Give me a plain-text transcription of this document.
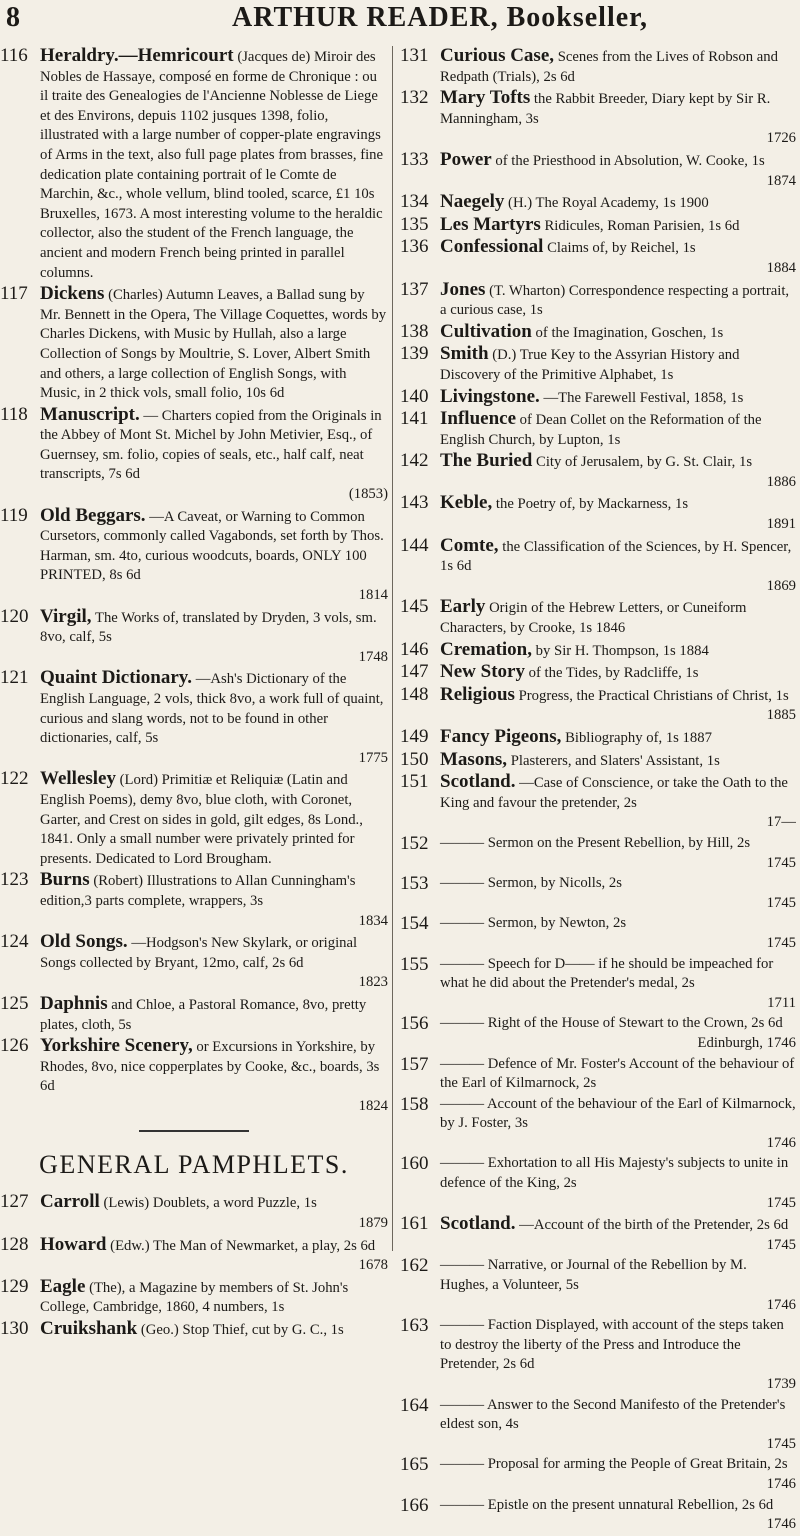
8	ARTHUR READER, Bookseller,
116 Heraldry.—Hemricourt (Jacques de) Miroir des Nobles de Hassaye, composé en forme de Chronique : ou il traite des Genealogies de l'Ancienne Noblesse de Liege et des Environs, depuis 1102 jusques 1398, folio, illustrated with a large number of copper-plate engravings of Arms in the text, also full page plates from brasses, fine dedication plate containing portrait of le Comte de Marchin, &c., whole vellum, blind tooled, scarce, £1 10s Bruxelles, 1673. A most interesting volume to the heraldic collector, also the student of the French language, the ancient and modern French being printed in parallel columns.
117 Dickens (Charles) Autumn Leaves, a Ballad sung by Mr. Bennett in the Opera, The Village Coquettes, words by Charles Dickens, with Music by Hullah, also a large Collection of Songs by Moultrie, S. Lover, Albert Smith and others, a large collection of English Songs, with Music, in 2 thick vols, small folio, 10s 6d
118 Manuscript. — Charters copied from the Originals in the Abbey of Mont St. Michel by John Metivier, Esq., of Guernsey, sm. folio, copies of seals, etc., half calf, neat transcripts, 7s 6d
(1853)
119 Old Beggars. —A Caveat, or Warning to Common Cursetors, commonly called Vagabonds, set forth by Thos. Harman, sm. 4to, curious woodcuts, boards, ONLY 100 PRINTED, 8s 6d
1814
120 Virgil, The Works of, translated by Dryden, 3 vols, sm. 8vo, calf, 5s
1748
121 Quaint Dictionary. —Ash's Dictionary of the English Language, 2 vols, thick 8vo, a work full of quaint, curious and slang words, not to be found in other dictionaries, calf, 5s
1775
122 Wellesley (Lord) Primitiæ et Reliquiæ (Latin and English Poems), demy 8vo, blue cloth, with Coronet, Garter, and Crest on sides in gold, gilt edges, 8s Lond., 1841. Only a small number were privately printed for presents. Dedicated to Lord Brougham.
123 Burns (Robert) Illustrations to Allan Cunningham's edition,3 parts complete, wrappers, 3s
1834
124 Old Songs. —Hodgson's New Skylark, or original Songs collected by Bryant, 12mo, calf, 2s 6d
1823
125 Daphnis and Chloe, a Pastoral Romance, 8vo, pretty plates, cloth, 5s
126 Yorkshire Scenery, or Excursions in Yorkshire, by Rhodes, 8vo, nice copperplates by Cooke, &c., boards, 3s 6d
1824
GENERAL PAMPHLETS.
127 Carroll (Lewis) Doublets, a word Puzzle, 1s
1879
128 Howard (Edw.) The Man of Newmarket, a play, 2s 6d
1678
129 Eagle (The), a Magazine by members of St. John's College, Cambridge, 1860, 4 numbers, 1s
130 Cruikshank (Geo.) Stop Thief, cut by G. C., 1s
131 Curious Case, Scenes from the Lives of Robson and Redpath (Trials), 2s 6d
132 Mary Tofts the Rabbit Breeder, Diary kept by Sir R. Manningham, 3s
1726
133 Power of the Priesthood in Absolution, W. Cooke, 1s
1874
134 Naegely (H.) The Royal Academy, 1s 1900
135 Les Martyrs Ridicules, Roman Parisien, 1s 6d
136 Confessional Claims of, by Reichel, 1s
1884
137 Jones (T. Wharton) Correspondence respecting a portrait, a curious case, 1s
138 Cultivation of the Imagination, Goschen, 1s
139 Smith (D.) True Key to the Assyrian History and Discovery of the Primitive Alphabet, 1s
140 Livingstone. —The Farewell Festival, 1858, 1s
141 Influence of Dean Collet on the Reformation of the English Church, by Lupton, 1s
142 The Buried City of Jerusalem, by G. St. Clair, 1s
1886
143 Keble, the Poetry of, by Mackarness, 1s
1891
144 Comte, the Classification of the Sciences, by H. Spencer, 1s 6d
1869
145 Early Origin of the Hebrew Letters, or Cuneiform Characters, by Crooke, 1s 1846
146 Cremation, by Sir H. Thompson, 1s 1884
147 New Story of the Tides, by Radcliffe, 1s
148 Religious Progress, the Practical Christians of Christ, 1s
1885
149 Fancy Pigeons, Bibliography of, 1s 1887
150 Masons, Plasterers, and Slaters' Assistant, 1s
151 Scotland. —Case of Conscience, or take the Oath to the King and favour the pretender, 2s
17—
152	——— Sermon on the Present Rebellion, by Hill, 2s
1745
153	——— Sermon, by Nicolls, 2s
1745
154	——— Sermon, by Newton, 2s
1745
155	——— Speech for D—— if he should be impeached for what he did about the Pretender's medal, 2s
1711
156	——— Right of the House of Stewart to the Crown, 2s 6d
Edinburgh, 1746
157	——— Defence of Mr. Foster's Account of the behaviour of the Earl of Kilmarnock, 2s
158	——— Account of the behaviour of the Earl of Kilmarnock, by J. Foster, 3s
1746
160	——— Exhortation to all His Majesty's subjects to unite in defence of the King, 2s
1745
161 Scotland. —Account of the birth of the Pretender, 2s 6d
1745
162	——— Narrative, or Journal of the Rebellion by M. Hughes, a Volunteer, 5s
1746
163	——— Faction Displayed, with account of the steps taken to destroy the liberty of the Press and Introduce the Pretender, 2s 6d
1739
164	——— Answer to the Second Manifesto of the Pretender's eldest son, 4s
1745
165	——— Proposal for arming the People of Great Britain, 2s
1746
166	——— Epistle on the present unnatural Rebellion, 2s 6d
1746
